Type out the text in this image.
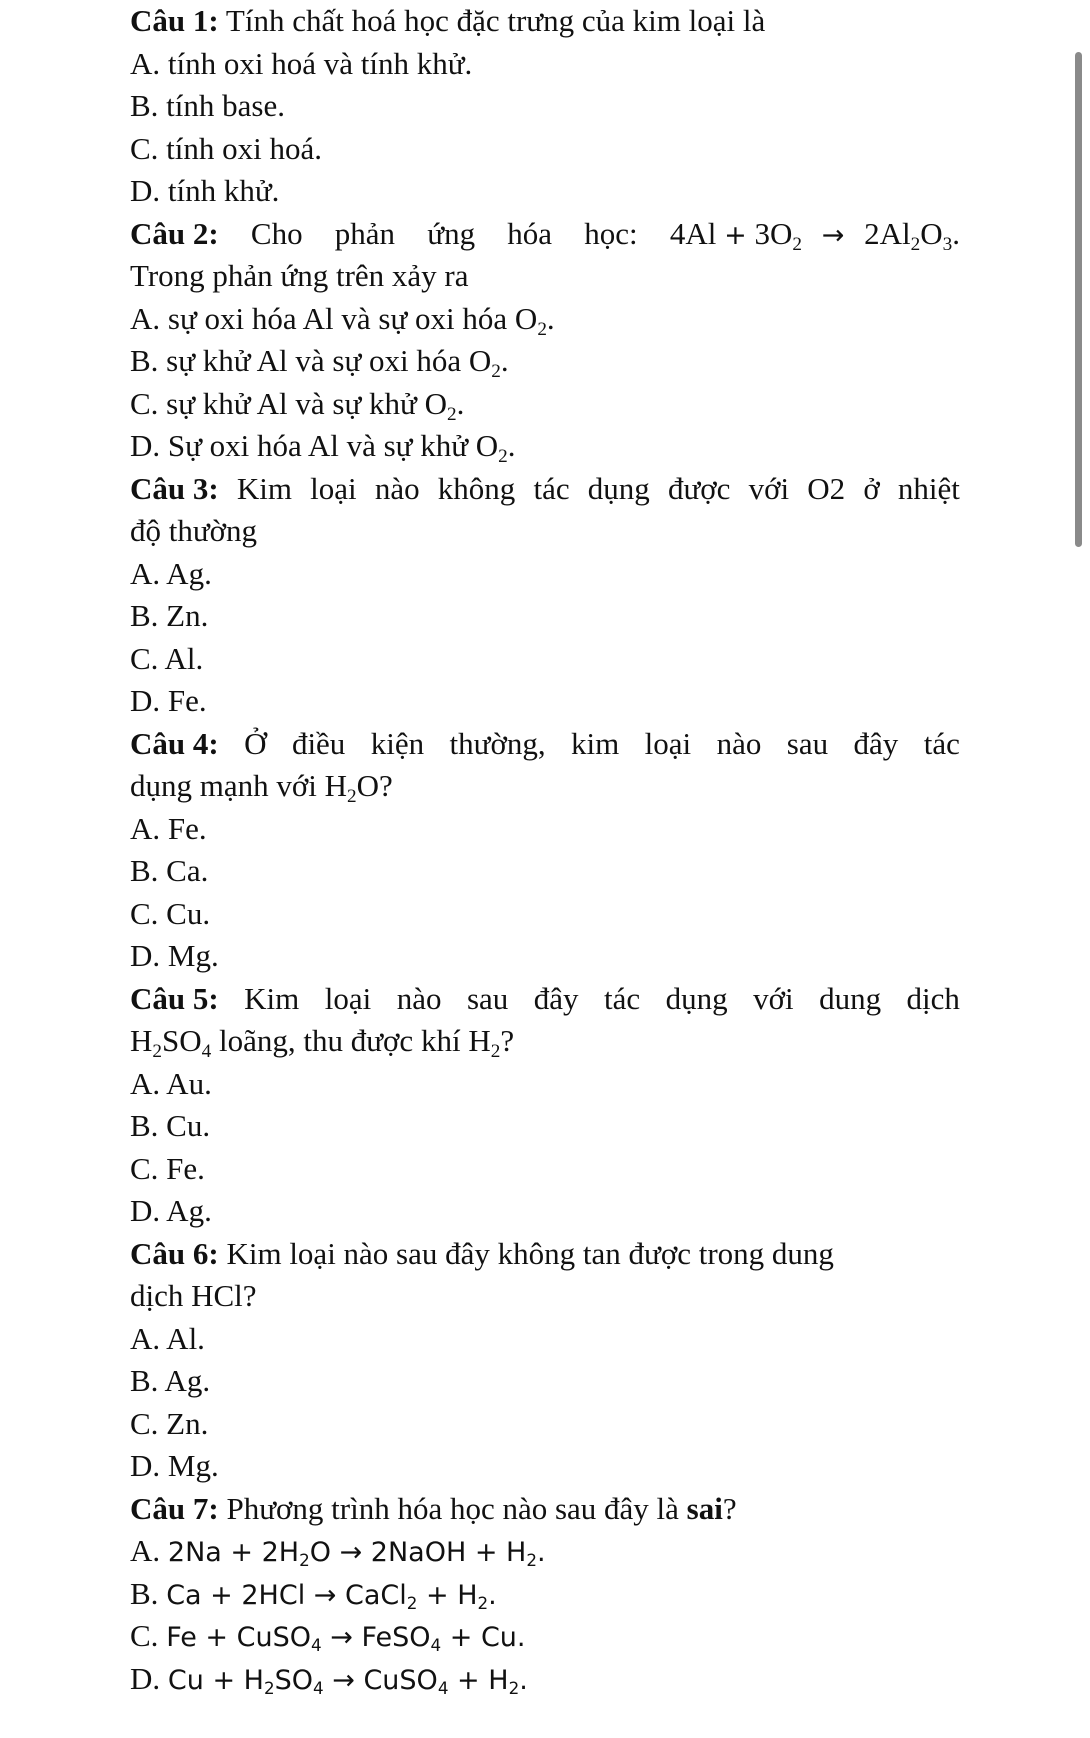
Câu 1: Tính chất hoá học đặc trưng của kim loại là
A. tính oxi hoá và tính khử.
B. tính base.
C. tính oxi hoá.
D. tính khử.
Câu 2: Cho phản ứng hóa học: $4Al + 3O_2 \to 2Al_2O_3$.
Trong phản ứng trên xảy ra
A. sự oxi hóa Al và sự oxi hóa $O_2$.
B. sự khử Al và sự oxi hóa $O_2$.
C. sự khử Al và sự khử $O_2$.
D. Sự oxi hóa Al và sự khử $O_2$.
Câu 3: Kim loại nào không tác dụng được với O2 ở nhiệt
độ thường
A. Ag.
B. Zn.
C. Al.
D. Fe.
Câu 4: Ở điều kiện thường, kim loại nào sau đây tác
dụng mạnh với $H_2O$?
A. Fe.
B. Ca.
C. Cu.
D. Mg.
Câu 5: Kim loại nào sau đây tác dụng với dung dịch
$H_2SO_4$ loãng, thu được khí $H_2$?
A. Au.
B. Cu.
C. Fe.
D. Ag.
Câu 6: Kim loại nào sau đây không tan được trong dung
dịch HCl?
A. Al.
B. Ag.
C. Zn.
D. Mg.
Câu 7: Phương trình hóa học nào sau đây là sai?
A. $2Na + 2H_2O$ → 2NaOH + $H_2$.
B. Ca + 2HCl → CaCl$_2$ + $H_2$.
C. Fe + CuSO$_4$ → FeSO$_4$ + Cu.
D. $Cu + H_2SO_4$ → CuSO$_4$ + $H_2$.
